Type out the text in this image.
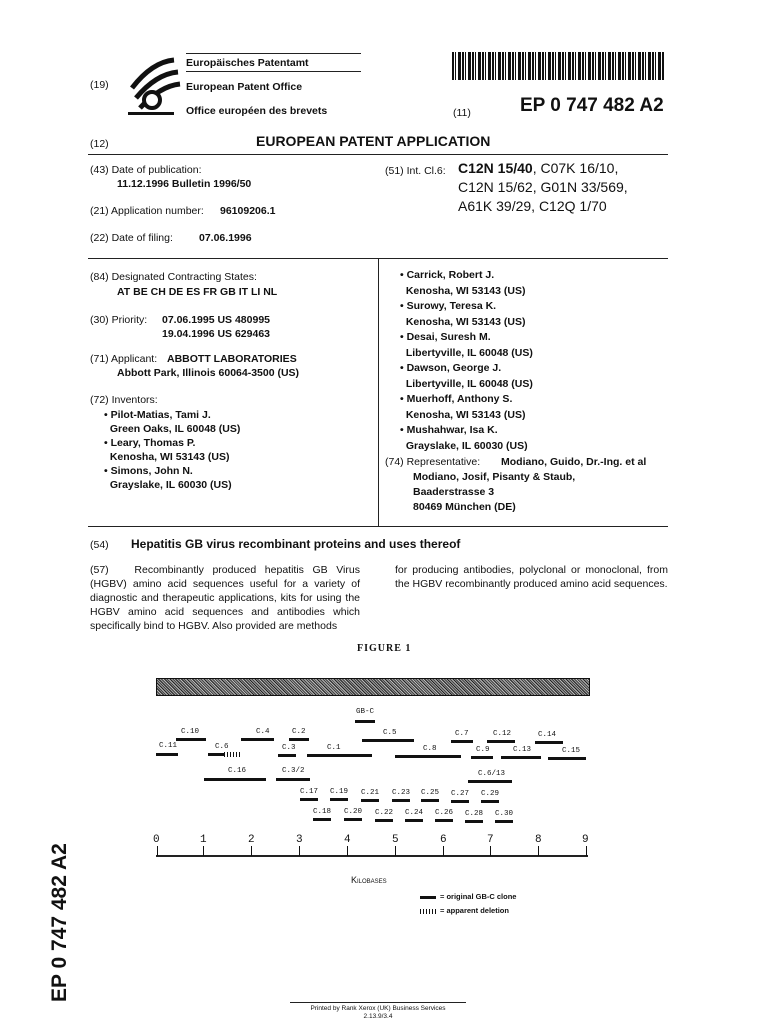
(19)
Europäisches Patentamt
European Patent Office
Office européen des brevets	(11)	EP 0 747 482 A2
(12)	EUROPEAN PATENT APPLICATION
(43) Date of publication:
11.12.1996 Bulletin 1996/50
(51) Int. Cl.6: C12N 15/40, C07K 16/10,
C12N 15/62, G01N 33/569,
A61K 39/29, C12Q 1/70
(21) Application number: 96109206.1
(22) Date of filing: 07.06.1996
(84) Designated Contracting States:
AT BE CH DE ES FR GB IT LI NL
(30) Priority: 07.06.1995 US 480995
19.04.1996 US 629463
(71) Applicant: ABBOTT LABORATORIES
Abbott Park, Illinois 60064-3500 (US)
(72) Inventors:
• Pilot-Matias, Tami J.
Green Oaks, IL 60048 (US)
• Leary, Thomas P.
Kenosha, WI 53143 (US)
• Simons, John N.
Grayslake, IL 60030 (US)
• Carrick, Robert J.
Kenosha, WI 53143 (US)
• Surowy, Teresa K.
Kenosha, WI 53143 (US)
• Desai, Suresh M.
Libertyville, IL 60048 (US)
• Dawson, George J.
Libertyville, IL 60048 (US)
• Muerhoff, Anthony S.
Kenosha, WI 53143 (US)
• Mushahwar, Isa K.
Grayslake, IL 60030 (US)
(74) Representative: Modiano, Guido, Dr.-Ing. et al
Modiano, Josif, Pisanty & Staub,
Baaderstrasse 3
80469 München (DE)
(54) Hepatitis GB virus recombinant proteins and uses thereof
(57) Recombinantly produced hepatitis GB Virus (HGBV) amino acid sequences useful for a variety of diagnostic and therapeutic applications, kits for using the HGBV amino acid sequences and antibodies which specifically bind to HGBV. Also provided are methods
for producing antibodies, polyclonal or monoclonal, from the HGBV recombinantly produced amino acid sequences.
FIGURE 1
GB-C
C.10	C.4	C.2	C.5	C.7	C.12	C.14
C.11	C.6	C.3	C.1	C.8	C.9	C.13	C.15
C.16	C.3/2	C.6/13
C.17 C.19 C.21 C.23 C.25 C.27 C.29
C.18 C.20 C.22 C.24 C.26 C.28 C.30
0	1	2	3	4	5	6	7	8	9
Kilobases
= original GB-C clone
= apparent deletion
EP 0 747 482 A2
Printed by Rank Xerox (UK) Business Services
2.13.9/3.4
